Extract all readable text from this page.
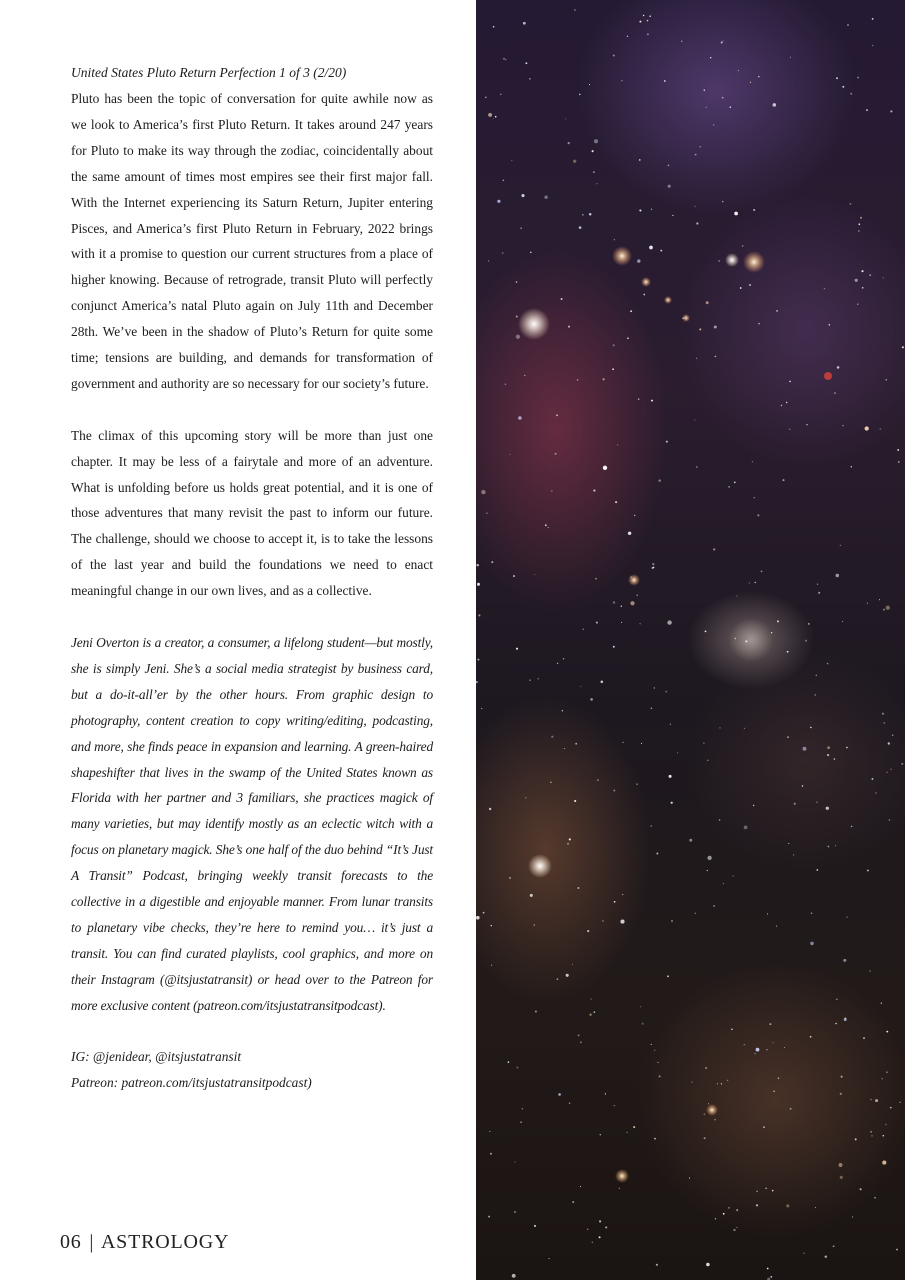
United States Pluto Return Perfection 1 of 3 (2/20)

Pluto has been the topic of conversation for quite awhile now as we look to America’s first Pluto Return. It takes around 247 years for Pluto to make its way through the zodiac, coincidentally about the same amount of times most empires see their first major fall. With the Internet experiencing its Saturn Return, Jupiter entering Pisces, and America’s first Pluto Return in February, 2022 brings with it a promise to question our current structures from a place of higher knowing. Because of retrograde, transit Pluto will perfectly conjunct America’s natal Pluto again on July 11th and December 28th. We’ve been in the shadow of Pluto’s Return for quite some time; tensions are building, and demands for transformation of government and authority are so necessary for our society’s future.

The climax of this upcoming story will be more than just one chapter. It may be less of a fairytale and more of an adventure. What is unfolding before us holds great potential, and it is one of those adventures that many revisit the past to inform our future. The challenge, should we choose to accept it, is to take the lessons of the last year and build the foundations we need to enact meaningful change in our own lives, and as a collective.

Jeni Overton is a creator, a consumer, a lifelong student—but mostly, she is simply Jeni. She’s a social media strategist by business card, but a do-it-all’er by the other hours. From graphic design to photography, content creation to copy writing/editing, podcasting, and more, she finds peace in expansion and learning. A green-haired shapeshifter that lives in the swamp of the United States known as Florida with her partner and 3 familiars, she practices magick of many varieties, but may identify mostly as an eclectic witch with a focus on planetary magick. She’s one half of the duo behind “It’s Just A Transit” Podcast, bringing weekly transit forecasts to the collective in a digestible and enjoyable manner. From lunar transits to planetary vibe checks, they’re here to remind you… it’s just a transit. You can find curated playlists, cool graphics, and more on their Instagram (@itsjustatransit) or head over to the Patreon for more exclusive content (patreon.com/itsjustatransitpodcast).

IG: @jenidear, @itsjustatransit

Patreon: patreon.com/itsjustatransitpodcast)

06 | ASTROLOGY
